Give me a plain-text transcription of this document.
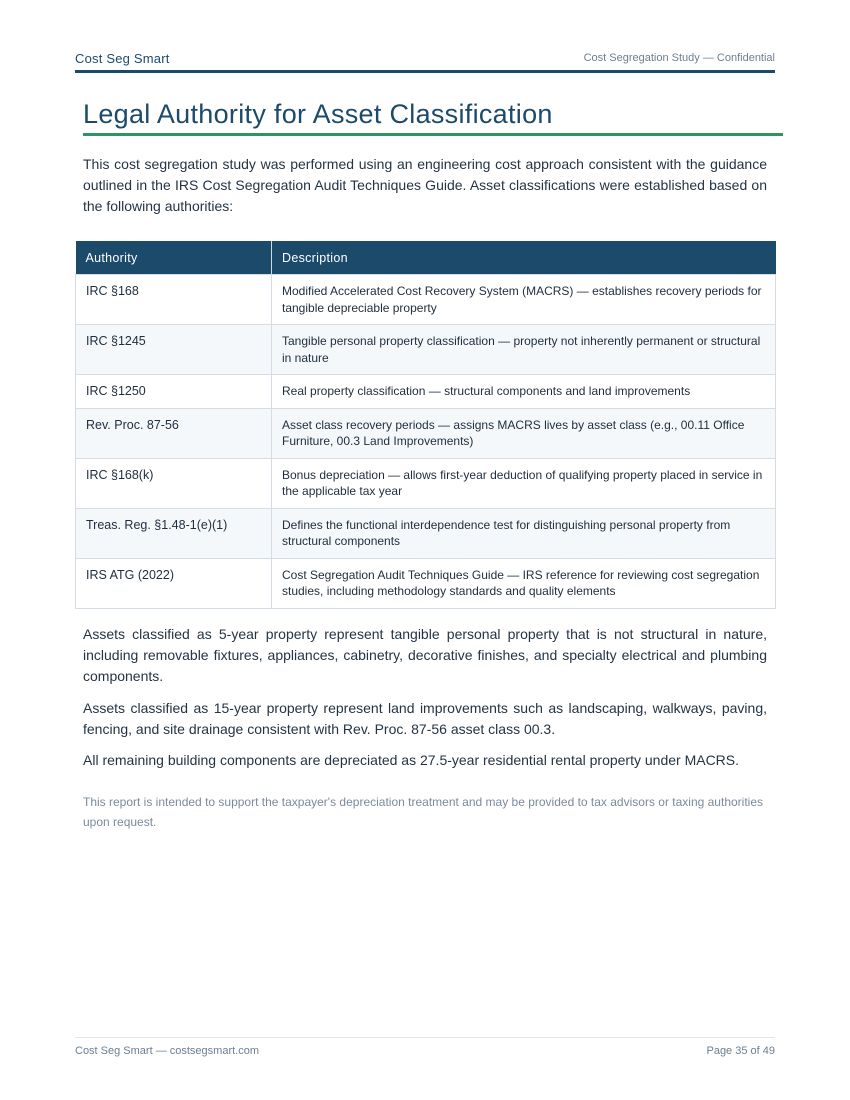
Cost Seg Smart	Cost Segregation Study — Confidential
Legal Authority for Asset Classification

This cost segregation study was performed using an engineering cost approach consistent with the guidance outlined in the IRS Cost Segregation Audit Techniques Guide. Asset classifications were established based on the following authorities:

Authority	Description
IRC §168	Modified Accelerated Cost Recovery System (MACRS) — establishes recovery periods for tangible depreciable property
IRC §1245	Tangible personal property classification — property not inherently permanent or structural in nature
IRC §1250	Real property classification — structural components and land improvements
Rev. Proc. 87-56	Asset class recovery periods — assigns MACRS lives by asset class (e.g., 00.11 Office Furniture, 00.3 Land Improvements)
IRC §168(k)	Bonus depreciation — allows first-year deduction of qualifying property placed in service in the applicable tax year
Treas. Reg. §1.48-1(e)(1)	Defines the functional interdependence test for distinguishing personal property from structural components
IRS ATG (2022)	Cost Segregation Audit Techniques Guide — IRS reference for reviewing cost segregation studies, including methodology standards and quality elements

Assets classified as 5-year property represent tangible personal property that is not structural in nature, including removable fixtures, appliances, cabinetry, decorative finishes, and specialty electrical and plumbing components.

Assets classified as 15-year property represent land improvements such as landscaping, walkways, paving, fencing, and site drainage consistent with Rev. Proc. 87-56 asset class 00.3.

All remaining building components are depreciated as 27.5-year residential rental property under MACRS.

This report is intended to support the taxpayer's depreciation treatment and may be provided to tax advisors or taxing authorities upon request.

Cost Seg Smart — costsegsmart.com	Page 35 of 49
